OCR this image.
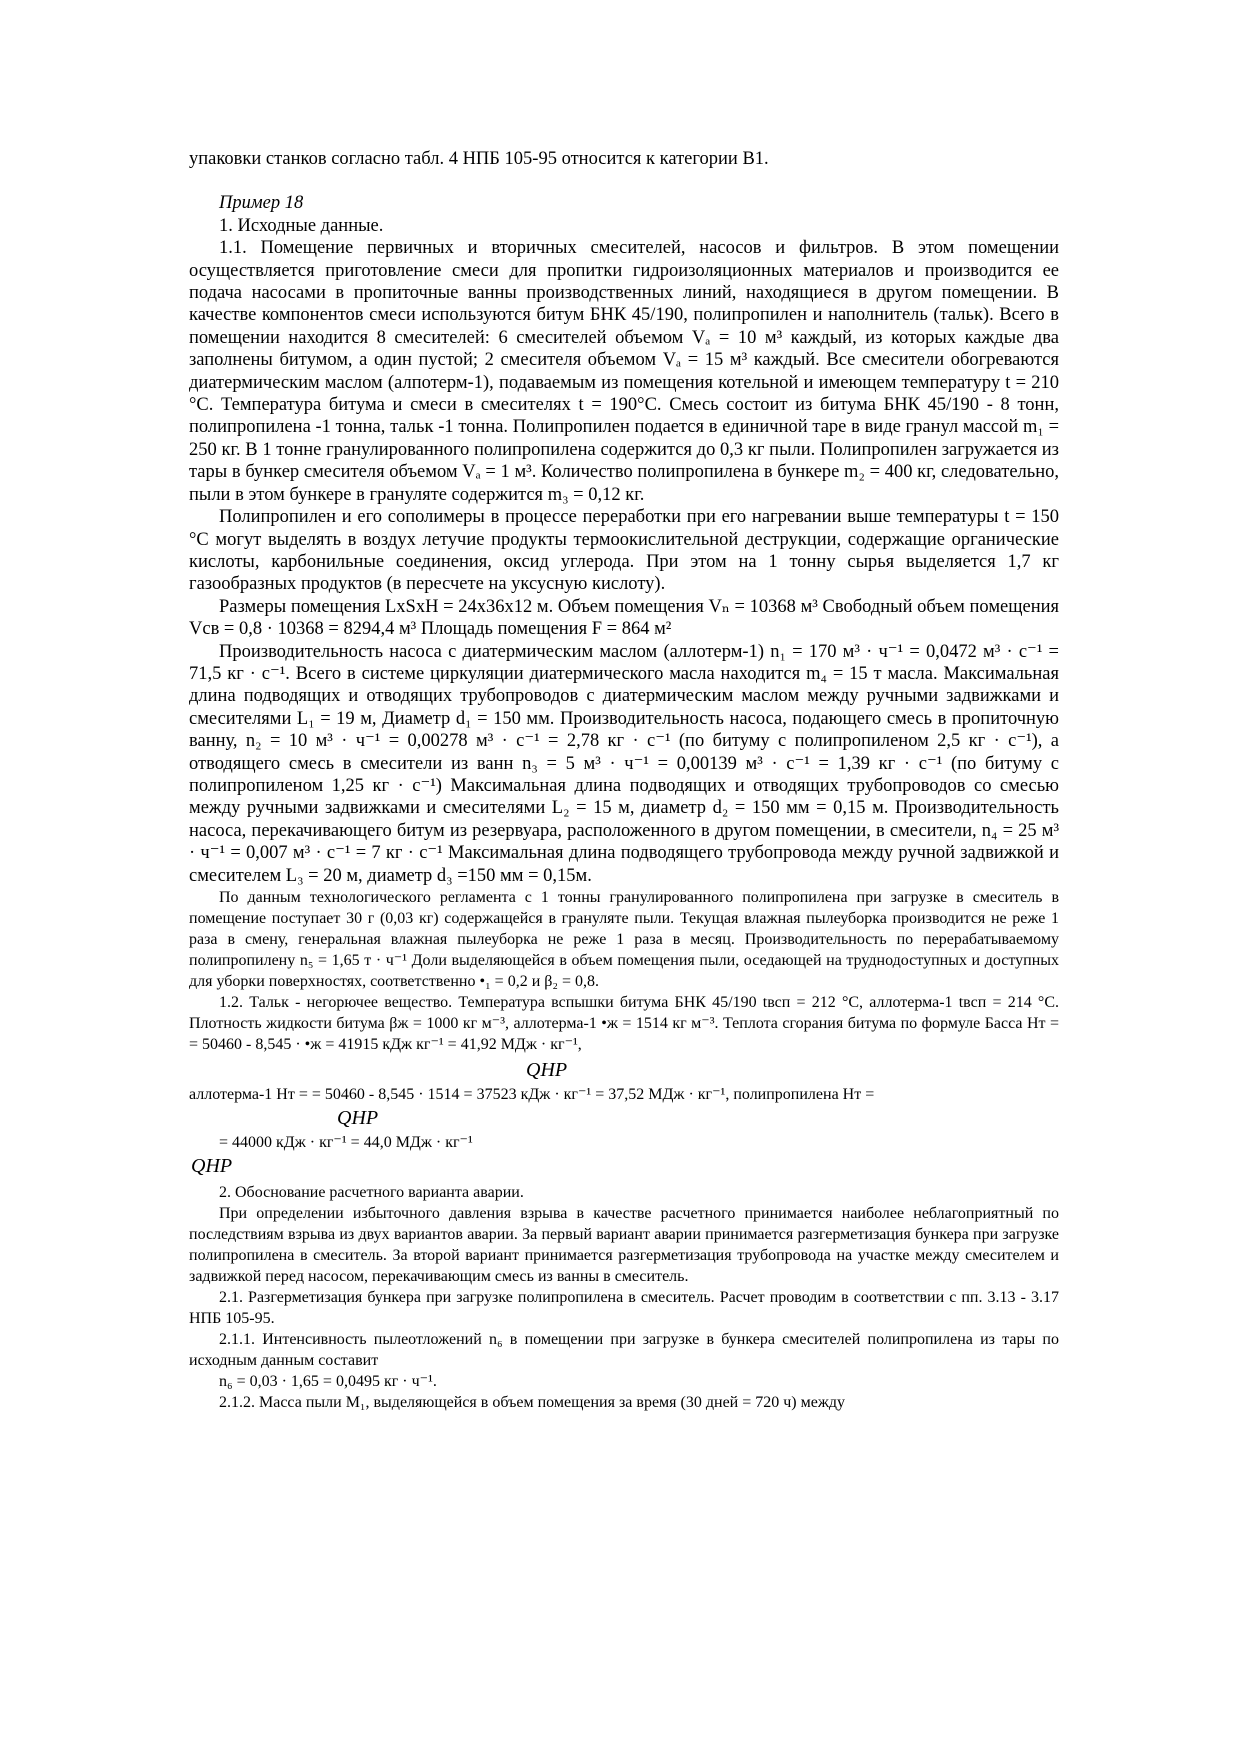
упаковки станков согласно табл. 4 НПБ 105-95 относится к категории В1.

Пример 18

1. Исходные данные.

1.1. Помещение первичных и вторичных смесителей, насосов и фильтров. В этом помещении осуществляется приготовление смеси для пропитки гидроизоляционных материалов и производится ее подача насосами в пропиточные ванны производственных линий, находящиеся в другом помещении. В качестве компонентов смеси используются битум БНК 45/190, полипропилен и наполнитель (тальк). Всего в помещении находится 8 смесителей: 6 смесителей объемом Vₐ = 10 м³ каждый, из которых каждые два заполнены битумом, а один пустой; 2 смесителя объемом Vₐ = 15 м³ каждый. Все смесители обогреваются диатермическим маслом (алпотерм-1), подаваемым из помещения котельной и имеющем температуру t = 210 °С. Температура битума и смеси в смесителях t = 190°С. Смесь состоит из битума БНК 45/190 - 8 тонн, полипропилена -1 тонна, тальк -1 тонна. Полипропилен подается в единичной таре в виде гранул массой m₁ = 250 кг. В 1 тонне гранулированного полипропилена содержится до 0,3 кг пыли. Полипропилен загружается из тары в бункер смесителя объемом Vₐ = 1 м³. Количество полипропилена в бункере m₂ = 400 кг, следовательно, пыли в этом бункере в грануляте содержится m₃ = 0,12 кг.

Полипропилен и его сополимеры в процессе переработки при его нагревании выше температуры t = 150 °С могут выделять в воздух летучие продукты термоокислительной деструкции, содержащие органические кислоты, карбонильные соединения, оксид углерода. При этом на 1 тонну сырья выделяется 1,7 кг газообразных продуктов (в пересчете на уксусную кислоту).

Размеры помещения LxSxH = 24x36x12 м. Объем помещения Vₙ = 10368 м³ Свободный объем помещения Vсв = 0,8 · 10368 = 8294,4 м³ Площадь помещения F = 864 м²

Производительность насоса с диатермическим маслом (аллотерм-1) n₁ = 170 м³ · ч⁻¹ = 0,0472 м³ · с⁻¹ = 71,5 кг · с⁻¹. Всего в системе циркуляции диатермического масла находится m₄ = 15 т масла. Максимальная длина подводящих и отводящих трубопроводов с диатермическим маслом между ручными задвижками и смесителями L₁ = 19 м, Диаметр d₁ = 150 мм. Производительность насоса, подающего смесь в пропиточную ванну, n₂ = 10 м³ · ч⁻¹ = 0,00278 м³ · с⁻¹ = 2,78 кг · с⁻¹ (по битуму с полипропиленом 2,5 кг · с⁻¹), а отводящего смесь в смесители из ванн n₃ = 5 м³ · ч⁻¹ = 0,00139 м³ · с⁻¹ = 1,39 кг · с⁻¹ (по битуму с полипропиленом 1,25 кг · с⁻¹) Максимальная длина подводящих и отводящих трубопроводов со смесью между ручными задвижками и смесителями L₂ = 15 м, диаметр d₂ = 150 мм = 0,15 м. Производительность насоса, перекачивающего битум из резервуара, расположенного в другом помещении, в смесители, n₄ = 25 м³ · ч⁻¹ = 0,007 м³ · с⁻¹ = 7 кг · с⁻¹ Максимальная длина подводящего трубопровода между ручной задвижкой и смесителем L₃ = 20 м, диаметр d₃ =150 мм = 0,15м.

По данным технологического регламента с 1 тонны гранулированного полипропилена при загрузке в смеситель в помещение поступает 30 г (0,03 кг) содержащейся в грануляте пыли. Текущая влажная пылеуборка производится не реже 1 раза в смену, генеральная влажная пылеуборка не реже 1 раза в месяц. Производительность по перерабатываемому полипропилену n₅ = 1,65 т · ч⁻¹ Доли выделяющейся в объем помещения пыли, оседающей на труднодоступных и доступных для уборки поверхностях, соответственно •₁ = 0,2 и β₂ = 0,8.

1.2. Тальк - негорючее вещество. Температура вспышки битума БНК 45/190 tвсп = 212 °С, аллотерма-1 tвсп = 214 °С. Плотность жидкости битума βж = 1000 кг м⁻³, аллотерма-1 •ж = 1514 кг м⁻³. Теплота сгорания битума по формуле Басса Hт = = 50460 - 8,545 · •ж = 41915 кДж кг⁻¹ = 41,92 МДж · кг⁻¹,

QHP

аллотерма-1 Hт = = 50460 - 8,545 · 1514 = 37523 кДж · кг⁻¹ = 37,52 МДж · кг⁻¹, полипропилена Hт =

QHP

= 44000 кДж · кг⁻¹ = 44,0 МДж · кг⁻¹

QHP

2. Обоснование расчетного варианта аварии.

При определении избыточного давления взрыва в качестве расчетного принимается наиболее неблагоприятный по последствиям взрыва из двух вариантов аварии. За первый вариант аварии принимается разгерметизация бункера при загрузке полипропилена в смеситель. За второй вариант принимается разгерметизация трубопровода на участке между смесителем и задвижкой перед насосом, перекачивающим смесь из ванны в смеситель.

2.1. Разгерметизация бункера при загрузке полипропилена в смеситель. Расчет проводим в соответствии с пп. 3.13 - 3.17 НПБ 105-95.

2.1.1. Интенсивность пылеотложений n₆ в помещении при загрузке в бункера смесителей полипропилена из тары по исходным данным составит

n₆ = 0,03 · 1,65 = 0,0495 кг · ч⁻¹.

2.1.2. Масса пыли M₁, выделяющейся в объем помещения за время (30 дней = 720 ч) между
